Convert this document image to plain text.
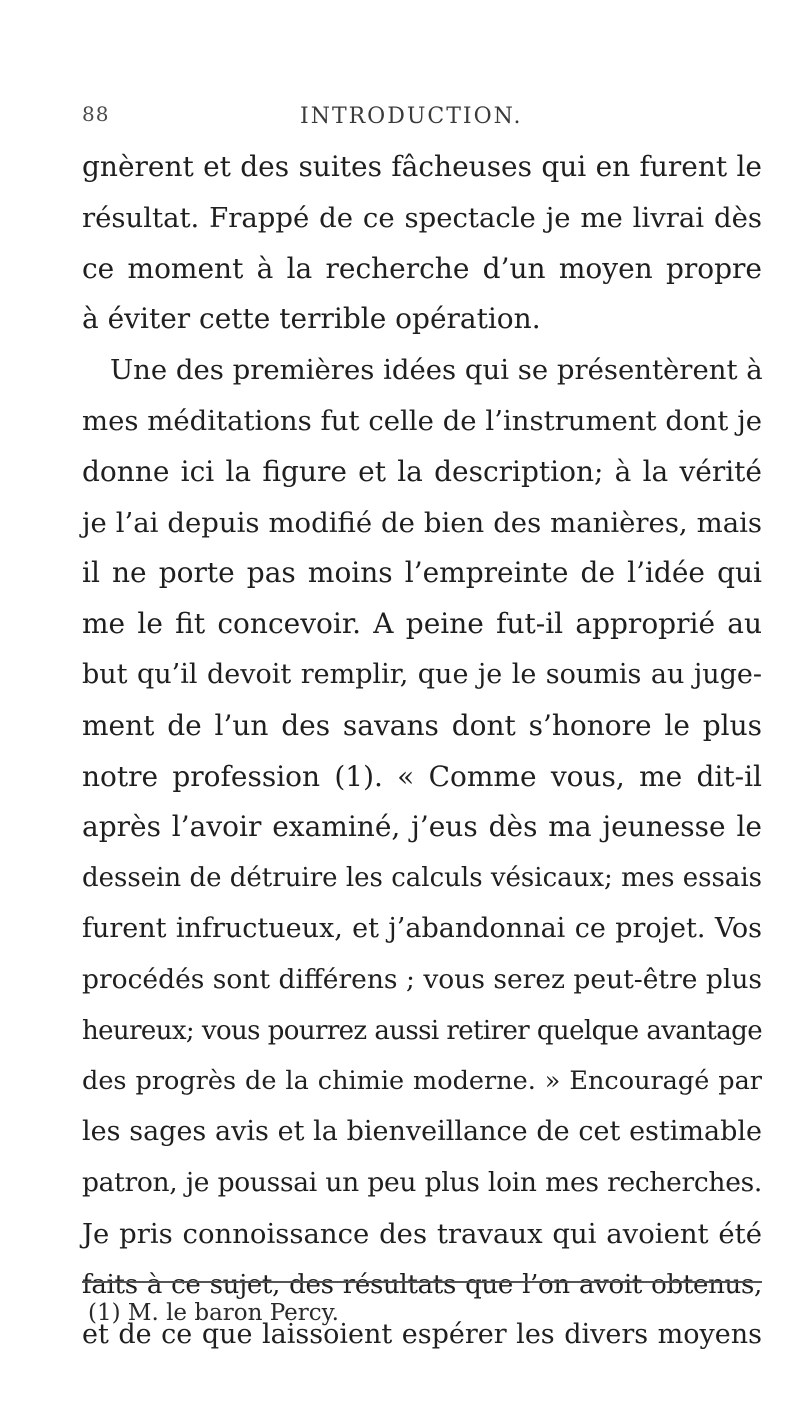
88	INTRODUCTION.
gnèrent et des suites fâcheuses qui en furent le
résultat. Frappé de ce spectacle je me livrai dès
ce moment à la recherche d’un moyen propre
à éviter cette terrible opération.
Une des premières idées qui se présentèrent à
mes méditations fut celle de l’instrument dont je
donne ici la figure et la description; à la vérité
je l’ai depuis modifié de bien des manières, mais
il ne porte pas moins l’empreinte de l’idée qui
me le fit concevoir. A peine fut-il approprié au
but qu’il devoit remplir, que je le soumis au juge-
ment de l’un des savans dont s’honore le plus
notre profession (1). « Comme vous, me dit-il
après l’avoir examiné, j’eus dès ma jeunesse le
dessein de détruire les calculs vésicaux; mes essais
furent infructueux, et j’abandonnai ce projet. Vos
procédés sont différens ; vous serez peut-être plus
heureux; vous pourrez aussi retirer quelque avantage
des progrès de la chimie moderne. » Encouragé par
les sages avis et la bienveillance de cet estimable
patron, je poussai un peu plus loin mes recherches.
Je pris connoissance des travaux qui avoient été
faits à ce sujet, des résultats que l’on avoit obtenus,
et de ce que laissoient espérer les divers moyens
(1) M. le baron Percy.
